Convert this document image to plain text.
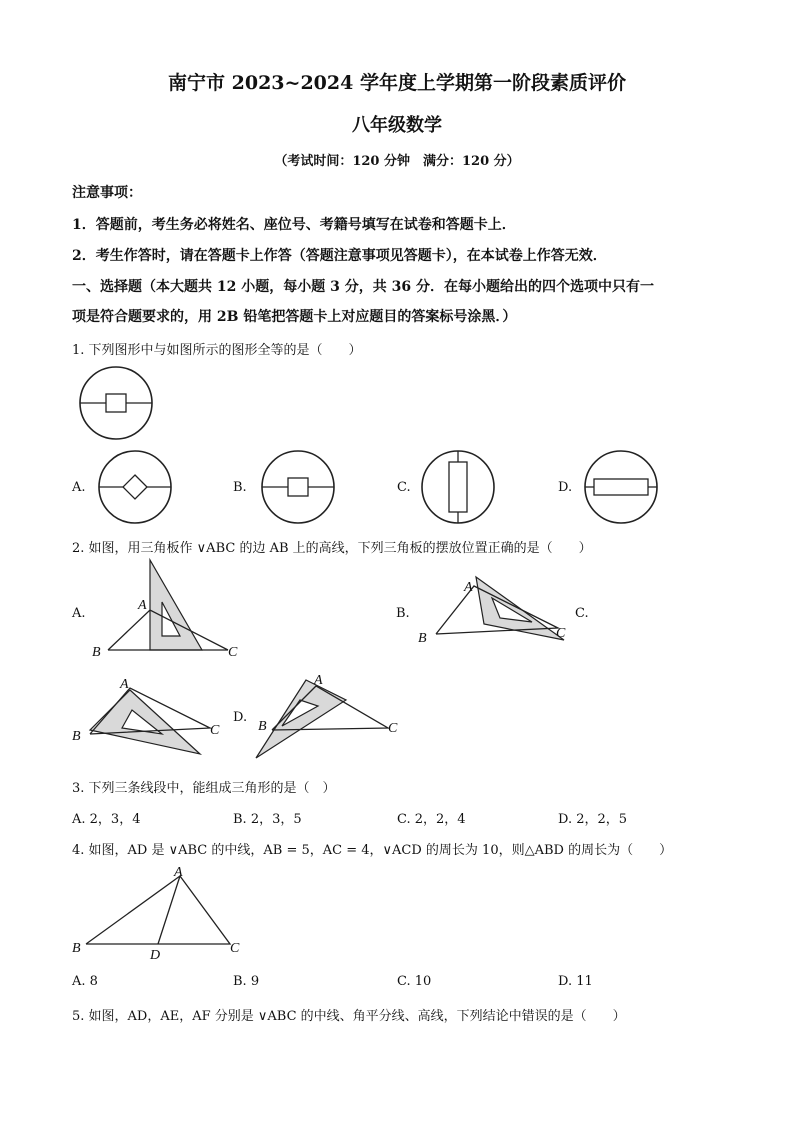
南宁市 2023~2024 学年度上学期第一阶段素质评价
八年级数学
（考试时间：120 分钟　满分：120 分）
注意事项：
1．答题前，考生务必将姓名、座位号、考籍号填写在试卷和答题卡上．
2．考生作答时，请在答题卡上作答（答题注意事项见答题卡），在本试卷上作答无效．
一、选择题（本大题共 12 小题，每小题 3 分，共 36 分．在每小题给出的四个选项中只有一
项是符合题要求的，用 2B 铅笔把答题卡上对应题目的答案标号涂黑．）
1. 下列图形中与如图所示的图形全等的是（　　）
A.	B.	C.	D.
2. 如图，用三角板作 ∨ABC 的边 AB 上的高线，下列三角板的摆放位置正确的是（　　）
A.
A
B	C
B.
A
B	C
C.
A
B	C
D.
A
B	C
3. 下列三条线段中，能组成三角形的是（　）
A. 2，3，4	B. 2，3，5	C. 2，2，4	D. 2，2，5
4. 如图，AD 是 ∨ABC 的中线，AB = 5，AC = 4，∨ACD 的周长为 10，则△ABD 的周长为（　　）
A
B	C
D
A. 8	B. 9	C. 10	D. 11
5. 如图，AD，AE，AF 分别是 ∨ABC 的中线、角平分线、高线，下列结论中错误的是（　　）
